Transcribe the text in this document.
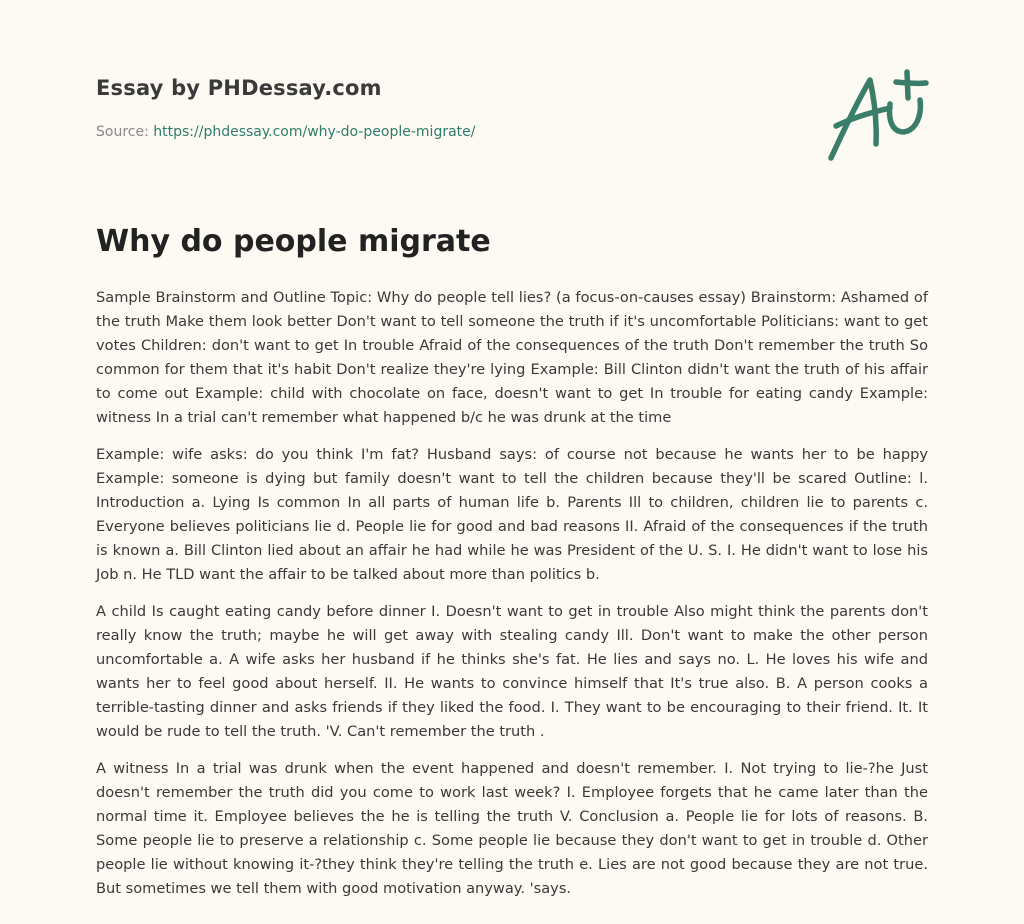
Essay by PHDessay.com
Source: https://phdessay.com/why-do-people-migrate/
Why do people migrate

Sample Brainstorm and Outline Topic: Why do people tell lies? (a focus-on-causes essay) Brainstorm: Ashamed of the truth Make them look better Don't want to tell someone the truth if it's uncomfortable Politicians: want to get votes Children: don't want to get In trouble Afraid of the consequences of the truth Don't remember the truth So common for them that it's habit Don't realize they're lying Example: Bill Clinton didn't want the truth of his affair to come out Example: child with chocolate on face, doesn't want to get In trouble for eating candy Example: witness In a trial can't remember what happened b/c he was drunk at the time

Example: wife asks: do you think I'm fat? Husband says: of course not because he wants her to be happy Example: someone is dying but family doesn't want to tell the children because they'll be scared Outline: l. Introduction a. Lying Is common In all parts of human life b. Parents Ill to children, children lie to parents c. Everyone believes politicians lie d. People lie for good and bad reasons II. Afraid of the consequences if the truth is known a. Bill Clinton lied about an affair he had while he was President of the U. S. I. He didn't want to lose his Job n. He TLD want the affair to be talked about more than politics b.

A child Is caught eating candy before dinner I. Doesn't want to get in trouble Also might think the parents don't really know the truth; maybe he will get away with stealing candy Ill. Don't want to make the other person uncomfortable a. A wife asks her husband if he thinks she's fat. He lies and says no. L. He loves his wife and wants her to feel good about herself. II. He wants to convince himself that It's true also. B. A person cooks a terrible-tasting dinner and asks friends if they liked the food. I. They want to be encouraging to their friend. It. It would be rude to tell the truth. 'V. Can't remember the truth .

A witness In a trial was drunk when the event happened and doesn't remember. I. Not trying to lie-?he Just doesn't remember the truth did you come to work last week? I. Employee forgets that he came later than the normal time it. Employee believes the he is telling the truth V. Conclusion a. People lie for lots of reasons. B. Some people lie to preserve a relationship c. Some people lie because they don't want to get in trouble d. Other people lie without knowing it-?they think they're telling the truth e. Lies are not good because they are not true. But sometimes we tell them with good motivation anyway. 'says.
